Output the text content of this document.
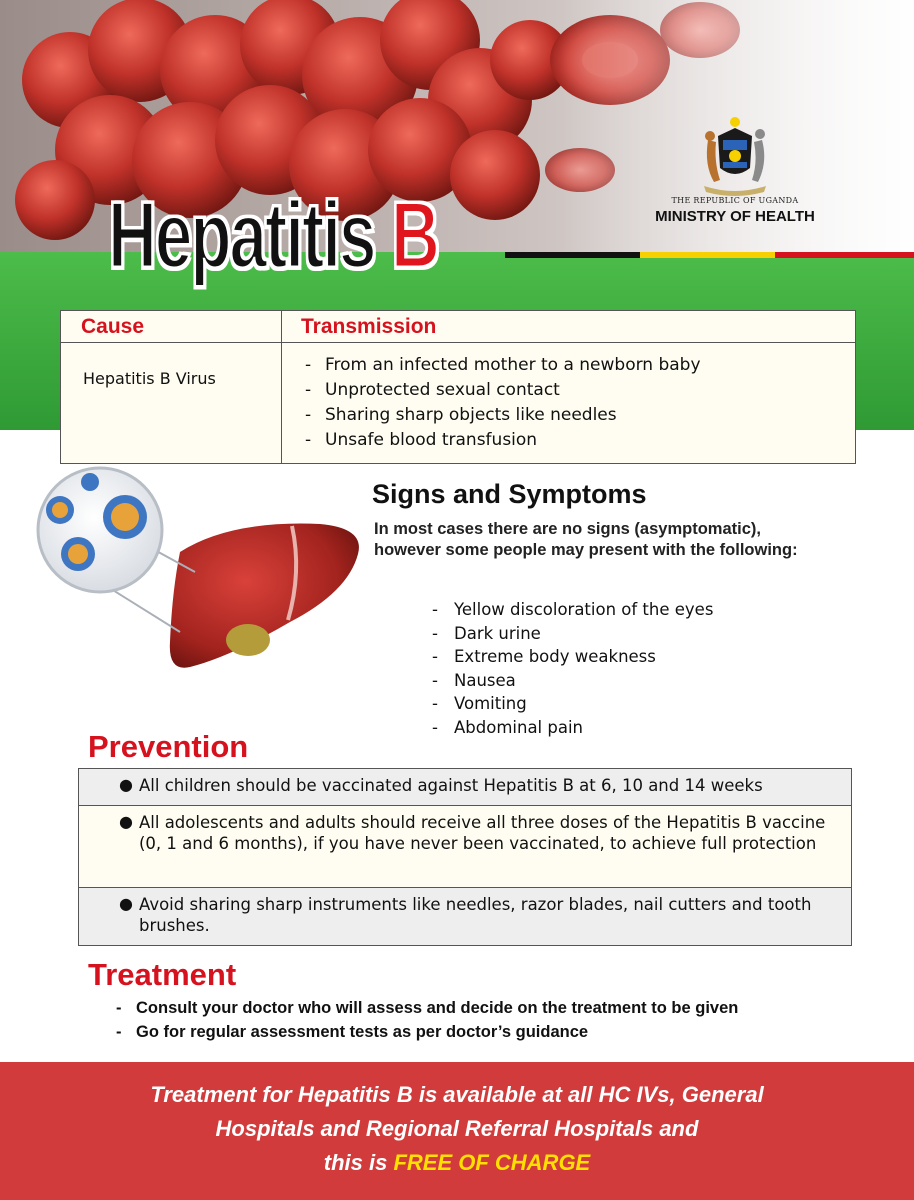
Hepatitis B	THE REPUBLIC OF UGANDA
MINISTRY OF HEALTH
Cause	Transmission
Hepatitis B Virus
- From an infected mother to a newborn baby
- Unprotected sexual contact
- Sharing sharp objects like needles
- Unsafe blood transfusion
Signs and Symptoms

In most cases there are no signs (asymptomatic), however some people may present with the following:

- Yellow discoloration of the eyes
- Dark urine
- Extreme body weakness
- Nausea
- Vomiting
- Abdominal pain
Prevention
● All children should be vaccinated against Hepatitis B at 6, 10 and 14 weeks
● All adolescents and adults should receive all three doses of the Hepatitis B vaccine (0, 1 and 6 months), if you have never been vaccinated, to achieve full protection
● Avoid sharing sharp instruments like needles, razor blades, nail cutters and tooth brushes.
Treatment
- Consult your doctor who will assess and decide on the treatment to be given
- Go for regular assessment tests as per doctor’s guidance

Treatment for Hepatitis B is available at all HC IVs, General
Hospitals and Regional Referral Hospitals and
this is FREE OF CHARGE
